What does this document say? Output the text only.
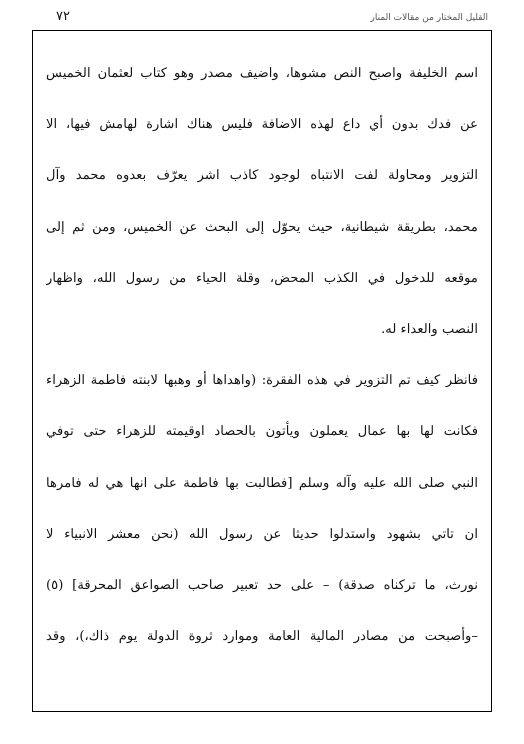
٧٢	القليل المختار من مقالات المنار
اسم الخليفة واصبح النص مشوها، واضيف مصدر وهو كتاب لعثمان الخميس
عن فدك بدون أي داع لهذه الاضافة فليس هناك اشارة لهامش فيها، الا
التزوير ومحاولة لفت الانتباه لوجود كاذب اشر يعرّف بعدوه محمد وآل
محمد، بطريقة شيطانية، حيث يحوّل إلى البحث عن الخميس، ومن ثم إلى
موقعه للدخول في الكذب المحض، وقلة الحياء من رسول الله، واظهار
النصب والعداء له.
فانظر كيف تم التزوير في هذه الفقرة: (واهداها أو وهبها لابنته فاطمة الزهراء
فكانت لها بها عمال يعملون ويأتون بالحصاد اوقيمته للزهراء حتى توفي
النبي صلى الله عليه وآله وسلم [فطالبت بها فاطمة على انها هي له فامرها
ان تاتي بشهود واستدلوا حديثا عن رسول الله (نحن معشر الانبياء لا
نورث، ما تركناه صدقة) – على حد تعبير صاحب الصواعق المحرقة] (٥)
–وأصبحت من مصادر المالية العامة وموارد ثروة الدولة يوم ذاك،)، وقد
